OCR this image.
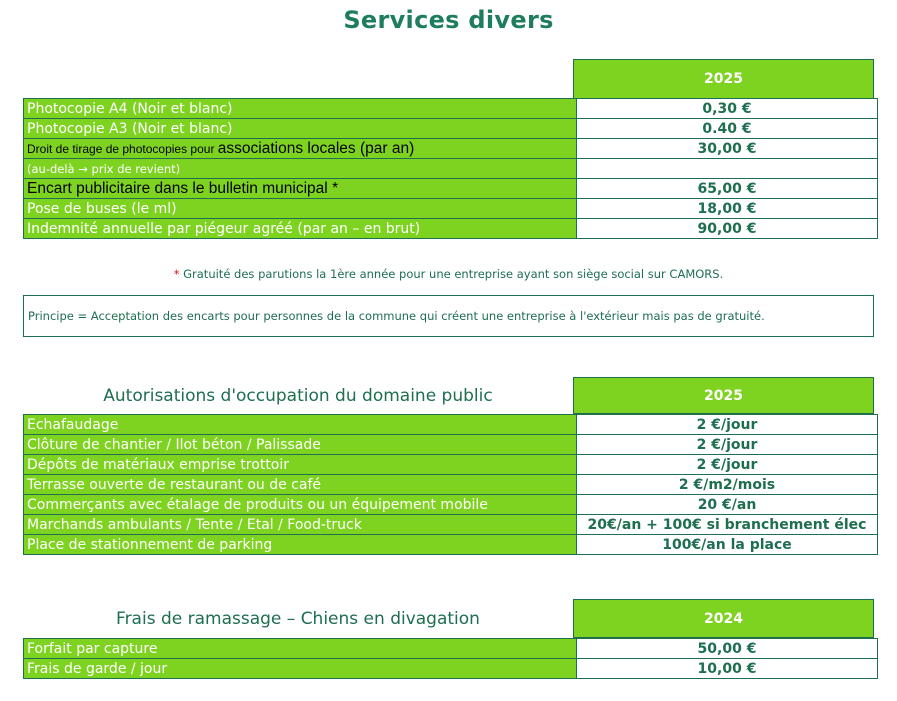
Services divers
2025
Photocopie A4 (Noir et blanc)	0,30 €
Photocopie A3 (Noir et blanc)	0.40 €
Droit de tirage de photocopies pour associations locales (par an)	30,00 €
(au-delà → prix de revient)	
Encart publicitaire dans le bulletin municipal *	65,00 €
Pose de buses (le ml)	18,00 €
Indemnité annuelle par piégeur agréé (par an – en brut)	90,00 €
* Gratuité des parutions la 1ère année pour une entreprise ayant son siège social sur CAMORS.
Principe = Acceptation des encarts pour personnes de la commune qui créent une entreprise à l'extérieur mais pas de gratuité.
Autorisations d'occupation du domaine public	2025
Echafaudage	2 €/jour
Clôture de chantier / Ilot béton / Palissade	2 €/jour
Dépôts de matériaux emprise trottoir	2 €/jour
Terrasse ouverte de restaurant ou de café	2 €/m2/mois
Commerçants avec étalage de produits ou un équipement mobile	20 €/an
Marchands ambulants / Tente / Etal / Food-truck	20€/an + 100€ si branchement élec
Place de stationnement de parking	100€/an la place
Frais de ramassage – Chiens en divagation	2024
Forfait par capture	50,00 €
Frais de garde / jour	10,00 €
